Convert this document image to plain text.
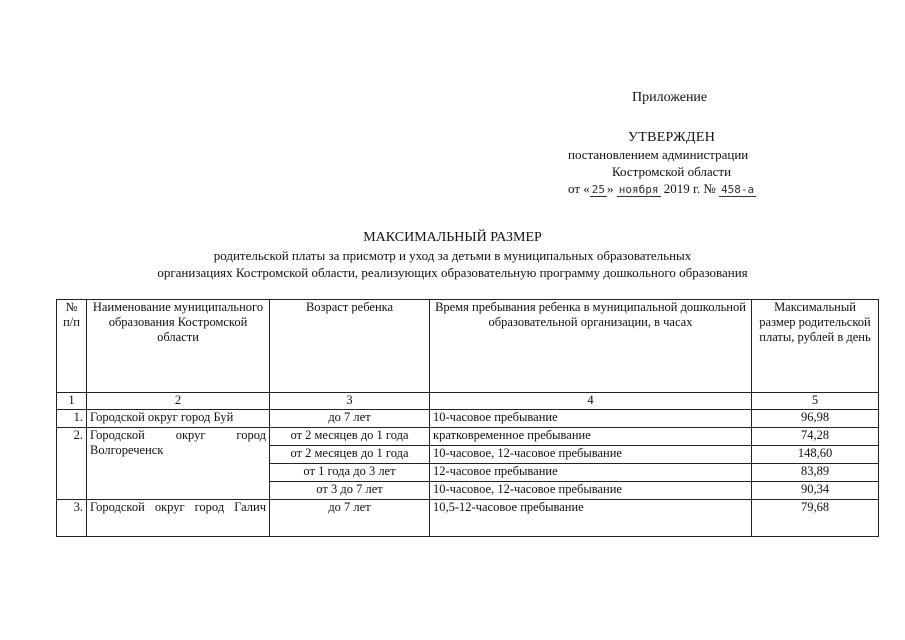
Приложение
УТВЕРЖДЕН
постановлением администрации
Костромской области
от « 25 » ноября 2019 г. № 458-а
МАКСИМАЛЬНЫЙ РАЗМЕР
родительской платы за присмотр и уход за детьми в муниципальных образовательных
организациях Костромской области, реализующих образовательную программу дошкольного образования
№ п/п	Наименование муниципального образования Костромской области	Возраст ребенка	Время пребывания ребенка в муниципальной дошкольной образовательной организации, в часах	Максимальный размер родительской платы, рублей в день
1	2	3	4	5
1.	Городской округ город Буй	до 7 лет	10-часовое пребывание	96,98
2.	Городской округ город Волгореченск	от 2 месяцев до 1 года	кратковременное пребывание	74,28
		от 2 месяцев до 1 года	10-часовое, 12-часовое пребывание	148,60
		от 1 года до 3 лет	12-часовое пребывание	83,89
		от 3 до 7 лет	10-часовое, 12-часовое пребывание	90,34
3.	Городской округ город Галич	до 7 лет	10,5-12-часовое пребывание	79,68
